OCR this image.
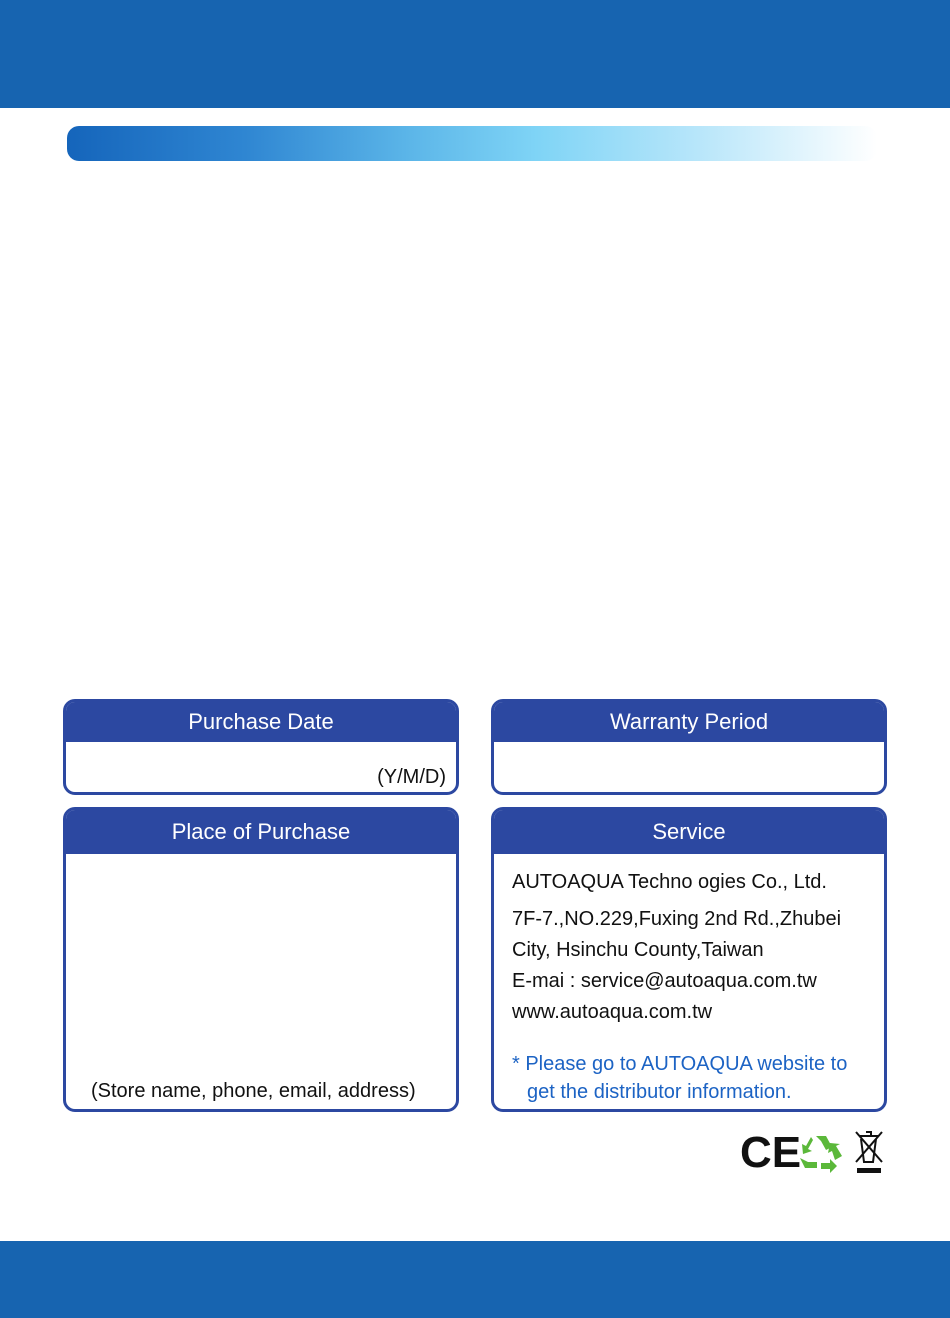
Purchase Date
(Y/M/D)
Warranty Period
Place of Purchase
(Store name, phone, email, address)
Service
AUTOAQUA Techno ogies Co., Ltd.
7F-7.,NO.229,Fuxing 2nd Rd.,Zhubei
City, Hsinchu County,Taiwan
E-mai : service@autoaqua.com.tw
www.autoaqua.com.tw
* Please go to AUTOAQUA website to
get the distributor information.
CE
